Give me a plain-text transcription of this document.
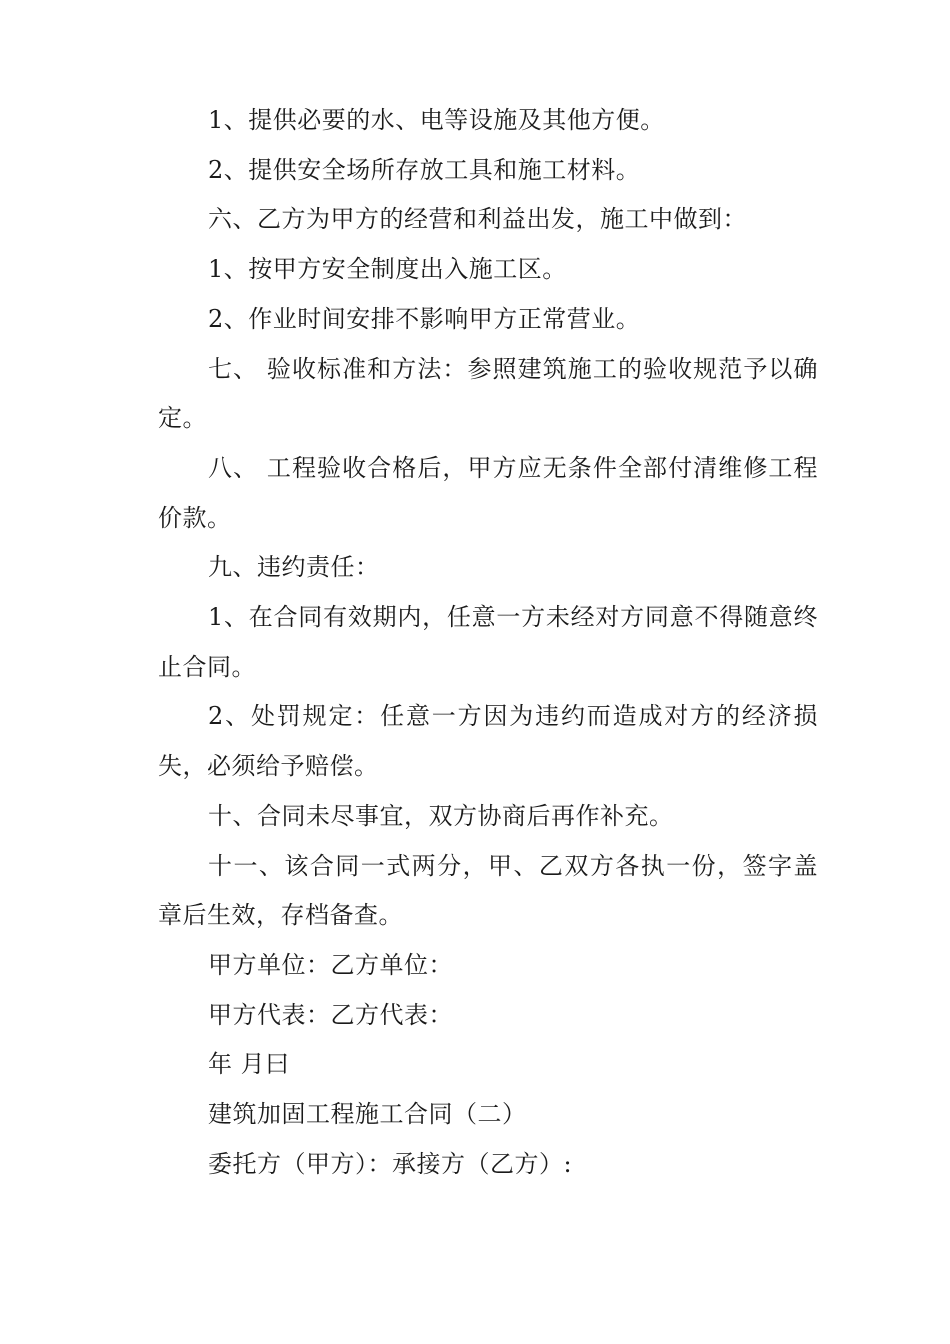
1、提供必要的水、电等设施及其他方便。

2、提供安全场所存放工具和施工材料。

六、乙方为甲方的经营和利益出发，施工中做到：

1、按甲方安全制度出入施工区。

2、作业时间安排不影响甲方正常营业。

七、 验收标准和方法：参照建筑施工的验收规范予以确定。

八、 工程验收合格后，甲方应无条件全部付清维修工程价款。

九、违约责任：

1、在合同有效期内，任意一方未经对方同意不得随意终止合同。

2、处罚规定：任意一方因为违约而造成对方的经济损失，必须给予赔偿。

十、合同未尽事宜，双方协商后再作补充。

十一、该合同一式两分，甲、乙双方各执一份，签字盖章后生效，存档备查。

甲方单位：乙方单位：

甲方代表：乙方代表：

年 月曰

建筑加固工程施工合同（二）

委托方（甲方）：承接方（乙方）:
